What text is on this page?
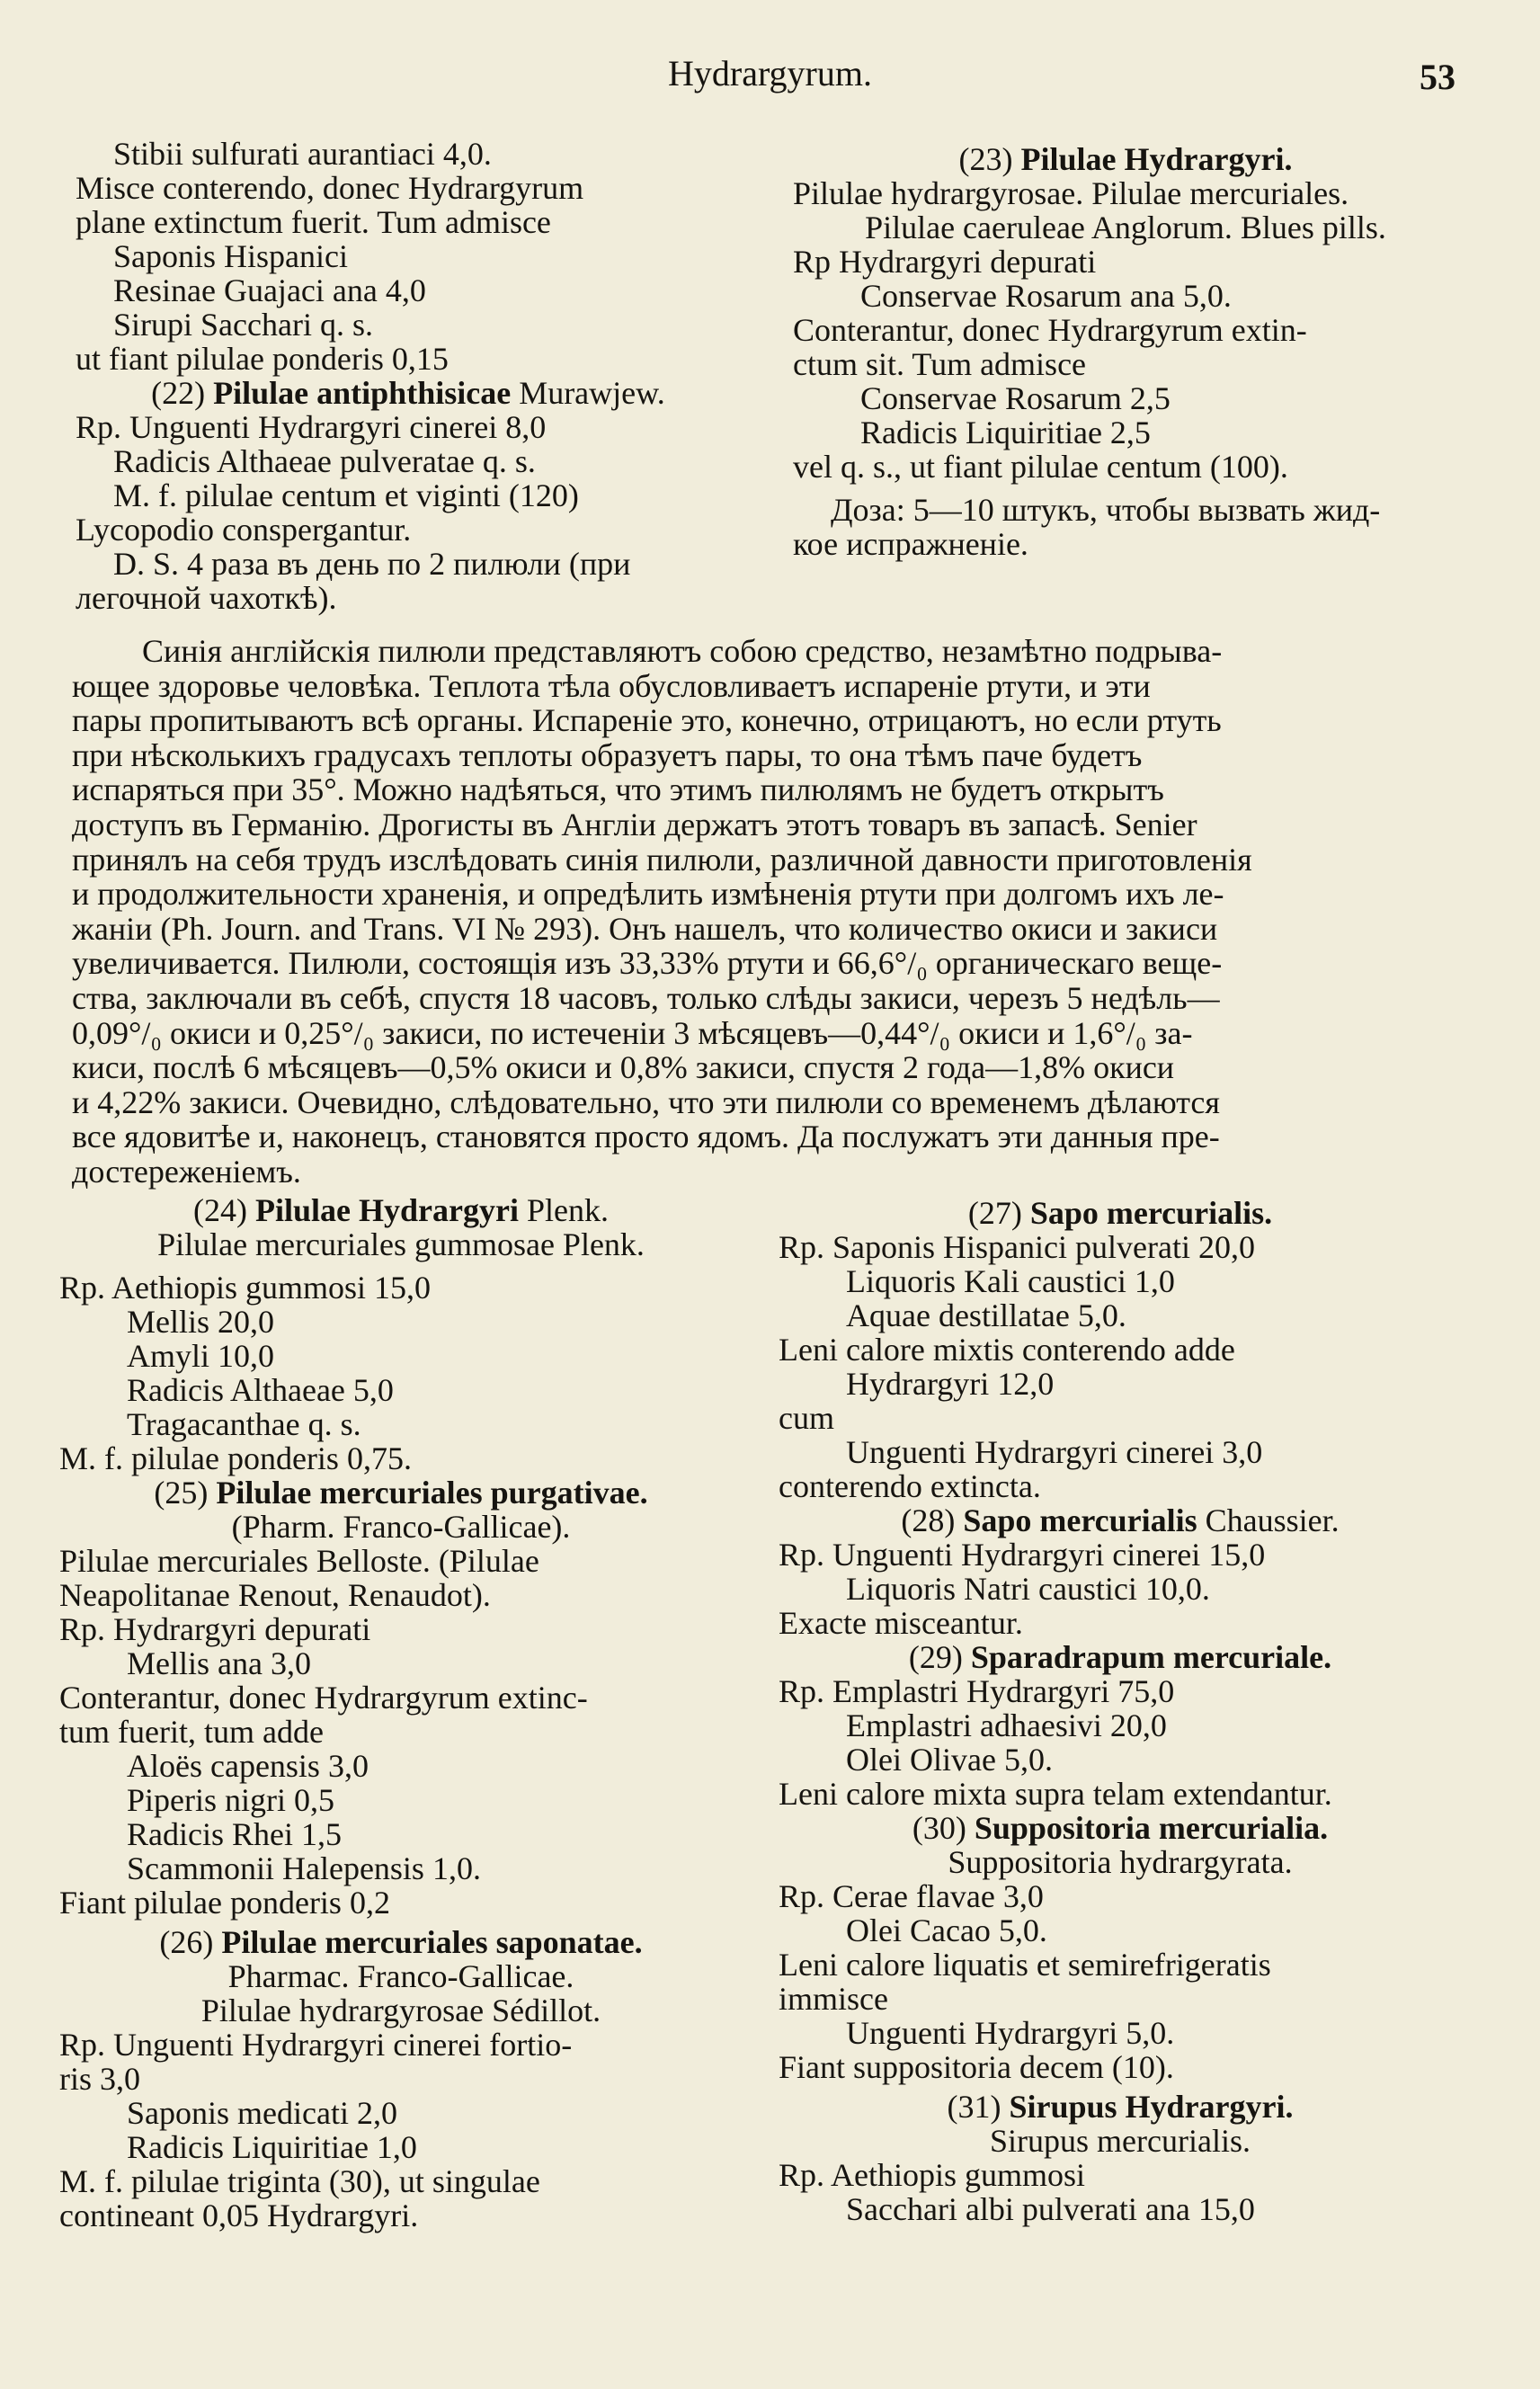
Hydrargyrum.	53

Stibii sulfurati aurantiaci 4,0.

Misce conterendo, donec Hydrargyrum

plane extinctum fuerit. Tum admisce

Saponis Hispanici

Resinae Guajaci ana 4,0

Sirupi Sacchari q. s.

ut fiant pilulae ponderis 0,15

(22) Pilulae antiphthisicae Murawjew.

Rp. Unguenti Hydrargyri cinerei 8,0

Radicis Althaeae pulveratae q. s.

M. f. pilulae centum et viginti (120)

Lycopodio conspergantur.

D. S. 4 раза въ день по 2 пилюли (при

легочной чахоткѣ).

(23) Pilulae Hydrargyri.

Pilulae hydrargyrosae. Pilulae mercuriales.

Pilulae caeruleae Anglorum. Blues pills.

Rp Hydrargyri depurati

Conservae Rosarum ana 5,0.

Conterantur, donec Hydrargyrum extin-

ctum sit. Tum admisce

Conservae Rosarum 2,5

Radicis Liquiritiae 2,5

vel q. s., ut fiant pilulae centum (100).

Доза: 5—10 штукъ, чтобы вызвать жид-

кое испражненіе.

Синія англійскія пилюли представляютъ собою средство, незамѣтно подрыва-

ющее здоровье человѣка. Теплота тѣла обусловливаетъ испареніе ртути, и эти

пары пропитываютъ всѣ органы. Испареніе это, конечно, отрицаютъ, но если ртуть

при нѣсколькихъ градусахъ теплоты образуетъ пары, то она тѣмъ паче будетъ

испаряться при 35°. Можно надѣяться, что этимъ пилюлямъ не будетъ открытъ

доступъ въ Германію. Дрогисты въ Англіи держатъ этотъ товаръ въ запасѣ. Senier

принялъ на себя трудъ изслѣдовать синія пилюли, различной давности приготовленія

и продолжительности храненія, и опредѣлить измѣненія ртути при долгомъ ихъ ле-

жаніи (Ph. Journ. and Trans. VI № 293). Онъ нашелъ, что количество окиси и закиси

увеличивается. Пилюли, состоящія изъ 33,33% ртути и 66,6°/₀ органическаго веще-

ства, заключали въ себѣ, спустя 18 часовъ, только слѣды закиси, черезъ 5 недѣль—

0,09°/₀ окиси и 0,25°/₀ закиси, по истеченіи 3 мѣсяцевъ—0,44°/₀ окиси и 1,6°/₀ за-

киси, послѣ 6 мѣсяцевъ—0,5% окиси и 0,8% закиси, спустя 2 года—1,8% окиси

и 4,22% закиси. Очевидно, слѣдовательно, что эти пилюли со временемъ дѣлаются

все ядовитѣе и, наконецъ, становятся просто ядомъ. Да послужатъ эти данныя пре-

достереженіемъ.

(24) Pilulae Hydrargyri Plenk.

Pilulae mercuriales gummosae Plenk.

Rp. Aethiopis gummosi 15,0

Mellis 20,0

Amyli 10,0

Radicis Althaeae 5,0

Tragacanthae q. s.

M. f. pilulae ponderis 0,75.

(25) Pilulae mercuriales purgativae.

(Pharm. Franco-Gallicae).

Pilulae mercuriales Belloste. (Pilulae

Neapolitanae Renout, Renaudot).

Rp. Hydrargyri depurati

Mellis ana 3,0

Conterantur, donec Hydrargyrum extinc-

tum fuerit, tum adde

Aloës capensis 3,0

Piperis nigri 0,5

Radicis Rhei 1,5

Scammonii Halepensis 1,0.

Fiant pilulae ponderis 0,2

(26) Pilulae mercuriales saponatae.

Pharmac. Franco-Gallicae.

Pilulae hydrargyrosae Sédillot.

Rp. Unguenti Hydrargyri cinerei fortio-

ris 3,0

Saponis medicati 2,0

Radicis Liquiritiae 1,0

M. f. pilulae triginta (30), ut singulae

contineant 0,05 Hydrargyri.

(27) Sapo mercurialis.

Rp. Saponis Hispanici pulverati 20,0

Liquoris Kali caustici 1,0

Aquae destillatae 5,0.

Leni calore mixtis conterendo adde

Hydrargyri 12,0

cum

Unguenti Hydrargyri cinerei 3,0

conterendo extincta.

(28) Sapo mercurialis Chaussier.

Rp. Unguenti Hydrargyri cinerei 15,0

Liquoris Natri caustici 10,0.

Exacte misceantur.

(29) Sparadrapum mercuriale.

Rp. Emplastri Hydrargyri 75,0

Emplastri adhaesivi 20,0

Olei Olivae 5,0.

Leni calore mixta supra telam extendantur.

(30) Suppositoria mercurialia.

Suppositoria hydrargyrata.

Rp. Cerae flavae 3,0

Olei Cacao 5,0.

Leni calore liquatis et semirefrigeratis

immisce

Unguenti Hydrargyri 5,0.

Fiant suppositoria decem (10).

(31) Sirupus Hydrargyri.

Sirupus mercurialis.

Rp. Aethiopis gummosi

Sacchari albi pulverati ana 15,0
